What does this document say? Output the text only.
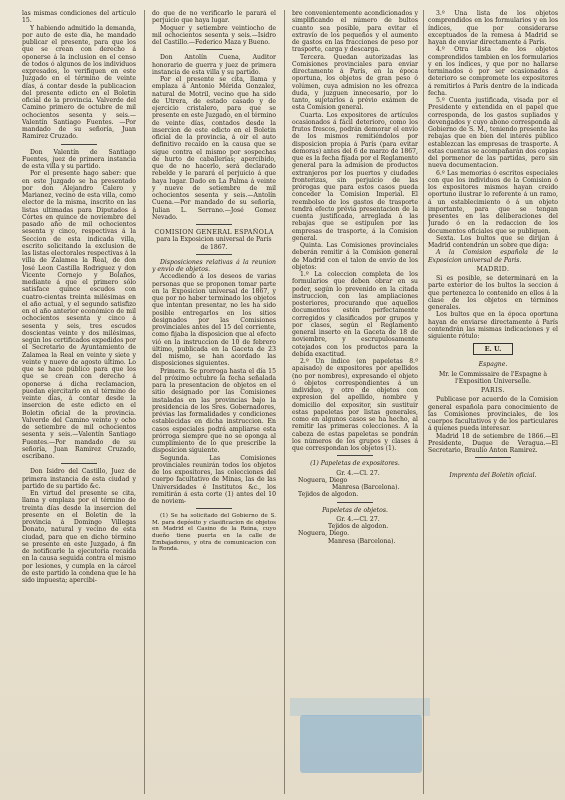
las mismas condiciones del artículo 15.

Y habiendo admitido la demanda, por auto de este dia, he mandado publicar el presente, para que los que se crean con derecho á oponerse á la inclusion en el censo de todos ó algunos de los individuos expresados, lo verifiquen en este Juzgado en el término de veinte días, á contar desde la publicacion del presente edicto en el Boletin oficial de la provincia. Valverde del Camino primero de octubre de mil ochocientos sesenta y seis.—Valentín Santiago Fuentes. —Por mandado de su señoría, Juan Ramirez Cruzado.

Don Valentín de Santiago Fuentes, juez de primera instancia de esta villa y su partido.

Por el presente hago saber: que en este Juzgado se ha presentado por don Alejandro Calero y Marianez, vecino de esta villa, como elector de la misma, inscrito en las listas ultimadas para Diputados á Córtes en quince de noviembre del pasado año de mil ochocientos sesenta y cinco, respectivas á la Seccion de esta indicada villa, escrito solicitando la exclusion de las listas electorales respectivas á la villa de Zalamea la Real, de don José Leon Castilla Rodriguez y don Vicente Cornejo y Bolaños, mediante á que el primero sólo satisface quince escudos con cuatro-cientas treinta milésimas en el año actual, y el segundo satisfizo en el año anterior económico de mil ochocientos sesenta y cinco á sesenta y seis, tres escudos doscientas veinte y dos milésimas, según los certificados expedidos por el Secretario de Ayuntamiento de Zalamea la Real en veinte y siete y veinte y nueve de agosto último. Lo que se hace público para que los que se crean con derecho á oponerse á dicha reclamacion, puedan ejercitarlo en el término de veinte días, á contar desde la insercion de este edicto en el Boletin oficial de la provincia. Valverde del Camino veinte y ocho de setiembre de mil ochocientos sesenta y seis.—Valentín Santiago Fuentes.—Por mandado de su señoría, Juan Ramirez Cruzado, escribano.

Don Isidro del Castillo, Juez de primera instancia de esta ciudad y partido de su partido &c.

En virtud del presente se cita, llama y emplaza por el término de treinta días desde la insercion del presente en el Boletin de la provincia á Domingo Villegas Donato, natural y vecino de esta ciudad, para que en dicho término se presente en este Juzgado, á fin de notificarle la ejecutoria recaida en la causa seguida contra el mismo por lesiones, y cumpla en la cárcel de este partido la condena que le ha sido impuesta; apercibi-

do que de no verificarlo le parará el perjuicio que haya lugar.

Moguer y setiembre veintiocho de mil ochocientos sesenta y seis.—Isidro del Castillo.—Federico Maza y Bueno.

Don Antolín Cuena, Auditor honorario de guerra y juez de primera instancia de esta villa y su partido.

Por el presente se cita, llama y emplaza á Antonio Mérida Gonzalez, natural de Motril, vecino que ha sido de Utrera, de estado casado y de ejercicio cristalero, para que se presente en este Juzgado, en el término de veinte días, contados desde la insercion de este edicto en el Boletin oficial de la provincia, á oir el auto definitivo recaído en la causa que se sigue contra el mismo por sospechas de hurto de caballerías; apercibido, que de no hacerlo, será declarado rebelde y le parará el perjuicio á que haya lugar. Dado en La Palma á veinte y nueve de setiembre de mil ochocientos sesenta y seis.—Antolín Cuena.—Por mandado de su señoría, Julian L. Serrano.—José Gomez Nevado.

COMISION GENERAL ESPAÑOLA

para la Exposicion universal de París de 1867.

Disposiciones relativas á la reunion y envío de objetos.

Accediendo á los deseos de varias personas que se proponen tomar parte en la Exposicion universal de 1867, y que por no haber terminado los objetos que intentan presentar, no les ha sido posible entregarlos en los sitios designados por las Comisiones provinciales antes del 15 del corriente, como fijaba la disposicion que al efecto vió en la instruccion de 10 de febrero último, publicada en la Gaceta de 23 del mismo, se han acordado las disposiciones siguientes.

Primera. Se prorroga hasta el día 15 del próximo octubre la fecha señalada para la presentacion de objetos en el sitio designado por las Comisiones instaladas en las provincias bajo la presidencia de los Sres. Gobernadores, prévias las formalidades y condiciones establecidas en dicha instruccion. En casos especiales podrá ampliarse esta prórroga siempre que no se oponga al cumplimiento de lo que prescribe la disposicion siguiente.

Segunda. Las Comisiones provinciales reunirán todos los objetos de los expositores, las colecciones del cuerpo facultativo de Minas, las de las Universidades é Institutos &c., los remitirán á esta corte (1) antes del 10 de noviem-

(1) Se ha solicitado del Gobierno de S. M. para depósito y clasificacion de objetos en Madrid el Casino de la Reina, cuyo dueño tiene puerta en la calle de Embajadores, y otra de comunicacion con la Ronda.

bre convenientemente acondicionados y simplificando el número de bultos cuanto sea posible, para evitar el extravío de los pequeños y el aumento de gastos en las fracciones de peso por trasporte, carga y descarga.

Tercera. Quedan autorizadas las Comisiones provinciales para enviar directamente á París, en la época oportuna, los objetos de gran peso ó volúmen, cuya admision no les ofrezca duda, y juzguen innecesario, por lo tanto, sujetarlos á prévio exámen de esta Comision general.

Cuarta. Los expositores de artículos ocasionados á fácil deterioro, como los frutos frescos, podrán demorar el envío de los mismos remitiéndolos por disposicion propia á París (para evitar demoras) antes del 6 de marzo de 1867, que es la fecha fijada por el Reglamento general para la admision de productos extranjeros por los puertos y ciudades fronterizas, sin perjuicio de las prórogas que para estos casos pueda conceder la Comision Imperial. El reembolso de los gastos de trasporte tendrá efecto prévia presentacion de la cuenta justificada, arreglada á las rebajas que se estipulen por las empresas de trasporte, á la Comision general.

Quinta. Las Comisiones provinciales deberán remitir á la Comision general de Madrid con el talon de envío de los objetos:

1.º La coleccion completa de los formularios que deben obrar en su poder, según lo prevenido en la citada instruccion, con las ampliaciones posteriores, procurando que aquellos documentos estén perfectamente corregidos y clasificados por grupos y por clases, según el Reglamento general inserto en la Gaceta de 18 de noviembre, y escrupulosamente cotejados con los productos para la debida exactitud.

2.º Un índice (en papeletas 8.º apaisado) de expositores por apellidos (no por nombres), expresando el objeto ó objetos correspondientes á un individuo, y otro de objetos con expresion del apellido, nombre y domicilio del expositor, sin sustituir estas papeletas por listas generales, como en algunos casos se ha hecho, al remitir las primeras colecciones. A la cabeza de estas papeletas se pondrán los números de los grupos y clases á que correspondan los objetos (1).

(1) Papeletas de expositores.

Gr. 4.—Cl. 27.
Noguera, Diego
Manresa (Barcelona).
Tejidos de algodon.

Papeletas de objetos.

Gr. 4.—Cl. 27.
Tejidos de algodon.
Noguera, Diego.
Manresa (Barcelona).

3.º Una lista de los objetos comprendidos en los formularios y en los índices, que por considerarse exceptuados de la remesa á Madrid se hayan de enviar directamente á París.

4.º Otra lista de los objetos comprendidos tambien en los formularios y en los índices, y que por no hallarse terminados ó por ser ocasionados á deterioro se compromete los expositores á remitirlos á París dentro de la indicada fecha.

5.º Cuenta justificada, visada por el Presidente y extendida en el papel que corresponda, de los gastos supliados y devengados y cuyo abono corresponda al Gobierno de S. M., teniendo presente las rebajas que en bien del interés público establezcan las empresas de trasporte. A estas cuentas se acompañarán dos copias del pormenor de las partidas, pero sin nueva documentacion.

6.º Las memorias ó escritos especiales con que los individuos de la Comision ó los expositores mismos hayan creido oportuno ilustrar lo referente á un ramo, á un establecimiento ó á un objeto importante, para que se tengan presentes en las deliberaciones del Jurado ó en la redaccion de los documentos oficiales que se publiquen.

Sexta. Los bultos que se dirijan á Madrid contendrán un sobre que diga:

A la Comision española de la Exposicion universal de Paris.

MADRID.

Si es posible, se determinará en la parte exterior de los bultos la seccion á que pertenezca lo contenido en ellos á la clase de los objetos en términos generales.

Los bultos que en la época oportuna hayan de enviarse directamente á París contendrán las mismas indicaciones y el siguiente rótulo:

E. U.

Espagne.

Mr. le Commissaire de l'Espagne à l'Exposition Universelle.

PARIS.

Publicase por acuerdo de la Comision general española para conocimiento de las Comisiones provinciales, de los cuerpos facultativos y de los particulares á quienes pueda interesar.

Madrid 18 de setiembre de 1866.—El Presidente, Duque de Veragua.—El Secretario, Braulio Anton Ramirez.

Imprenta del Boletin oficial.
